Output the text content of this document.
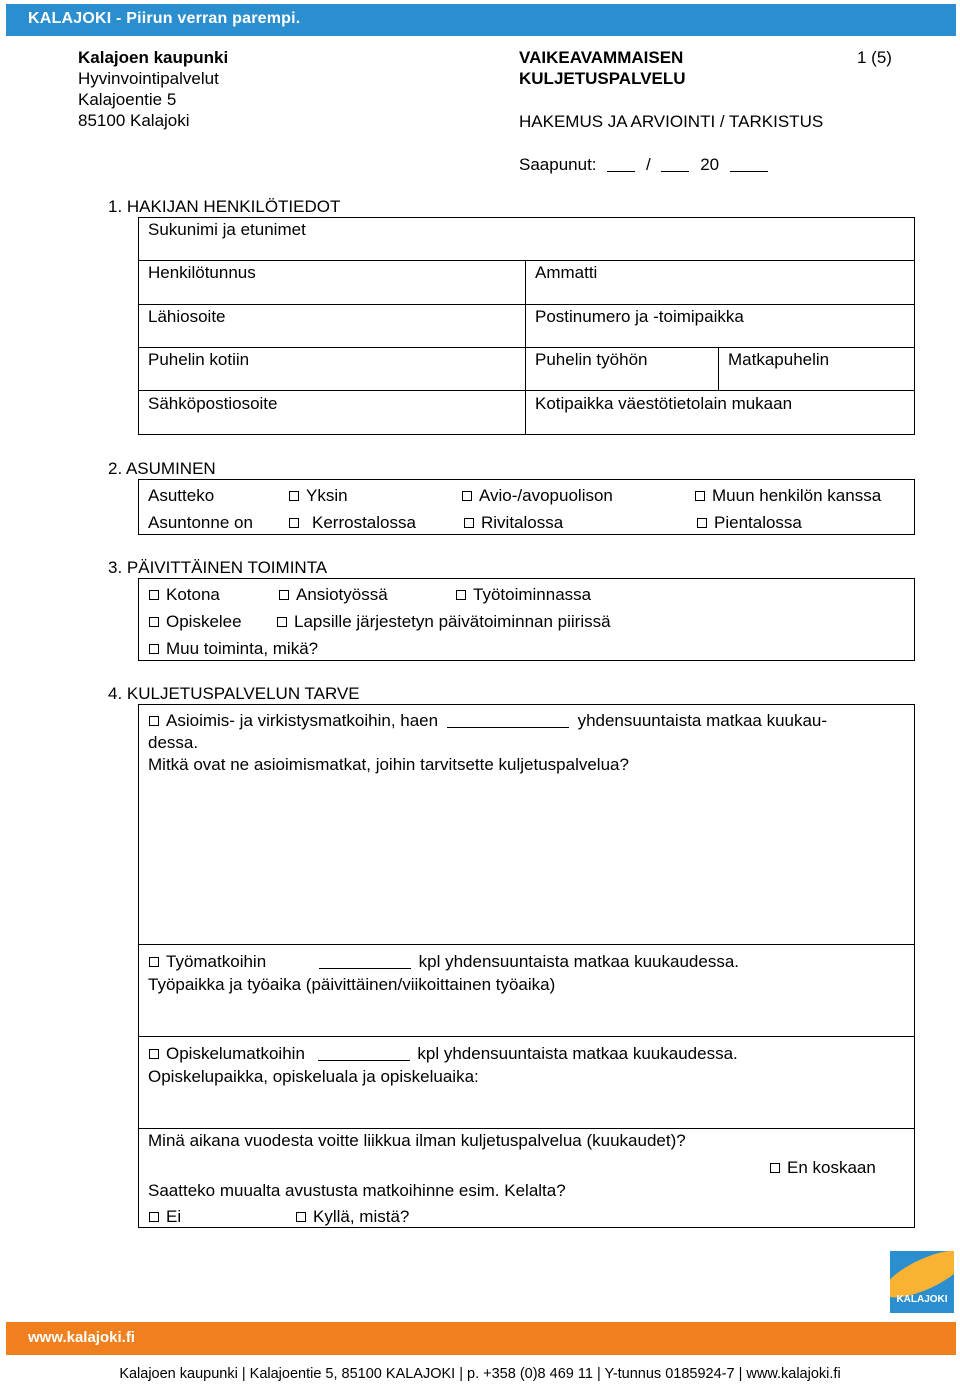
KALAJOKI - Piirun verran parempi.
Kalajoen kaupunki
Hyvinvointipalvelut
Kalajoentie 5
85100 Kalajoki
VAIKEAVAMMAISEN
KULJETUSPALVELU
1 (5)
HAKEMUS JA ARVIOINTI / TARKISTUS
Saapunut:	/	20
1. HAKIJAN HENKILÖTIEDOT
Sukunimi ja etunimet
Henkilötunnus	Ammatti
Lähiosoite	Postinumero ja -toimipaikka
Puhelin kotiin	Puhelin työhön	Matkapuhelin
Sähköpostiosoite	Kotipaikka väestötietolain mukaan
2. ASUMINEN
Asutteko	Yksin	Avio-/avopuolison	Muun henkilön kanssa
Asuntonne on	Kerrostalossa	Rivitalossa	Pientalossa
3. PÄIVITTÄINEN TOIMINTA
Kotona	Ansiotyössä	Työtoiminnassa
Opiskelee	Lapsille järjestetyn päivätoiminnan piirissä
Muu toiminta, mikä?
4. KULJETUSPALVELUN TARVE
Asioimis- ja virkistysmatkoihin, haen	yhdensuuntaista matkaa kuukau-
dessa.
Mitkä ovat ne asioimismatkat, joihin tarvitsette kuljetuspalvelua?
Työmatkoihin	kpl yhdensuuntaista matkaa kuukaudessa.
Työpaikka ja työaika (päivittäinen/viikoittainen työaika)
Opiskelumatkoihin	kpl yhdensuuntaista matkaa kuukaudessa.
Opiskelupaikka, opiskeluala ja opiskeluaika:
Minä aikana vuodesta voitte liikkua ilman kuljetuspalvelua (kuukaudet)?
En koskaan
Saatteko muualta avustusta matkoihinne esim. Kelalta?
Ei	Kyllä, mistä?
KALAJOKI
www.kalajoki.fi
Kalajoen kaupunki | Kalajoentie 5, 85100 KALAJOKI | p. +358 (0)8 469 11 | Y-tunnus 0185924-7 | www.kalajoki.fi
